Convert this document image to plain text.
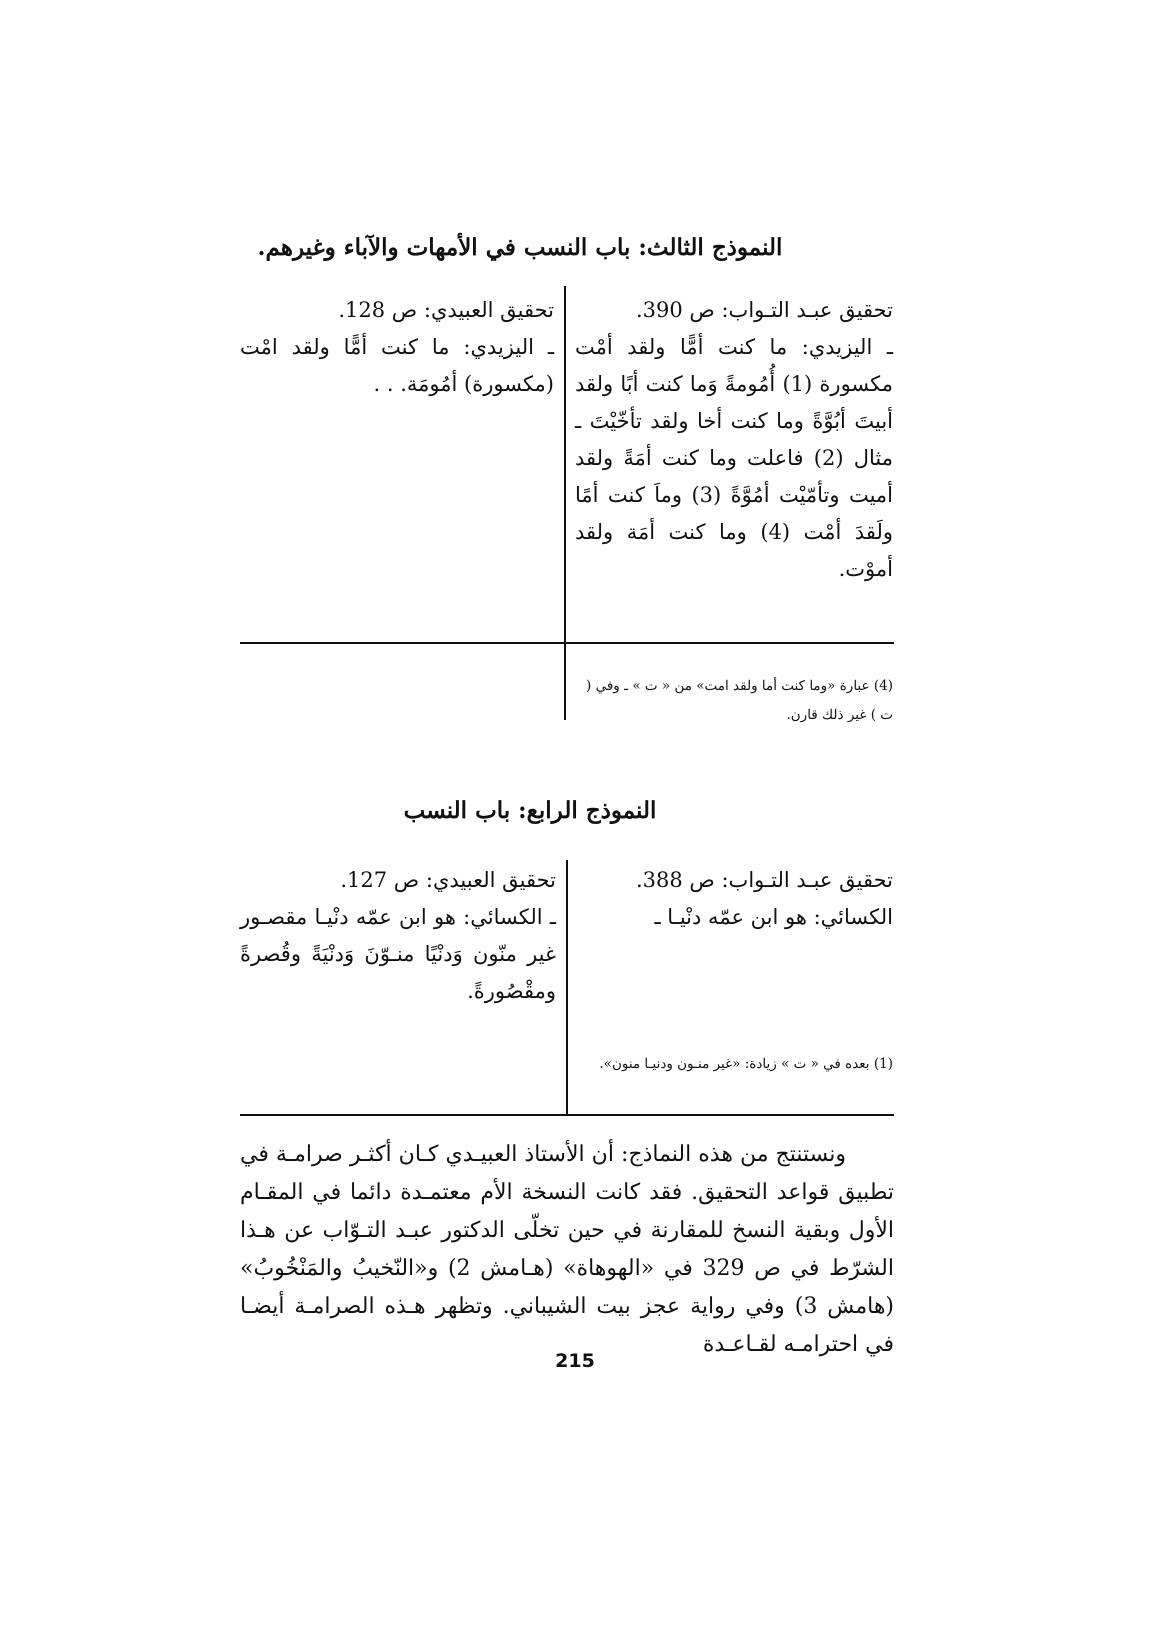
النموذج الثالث: باب النسب في الأمهات والآباء وغيرهم.

تحقيق عبـد التـواب: ص 390.

ـ اليزيدي: ما كنت أمًّا ولقد أمْت مكسورة (1) أُمُومةً وَما كنت أبًا ولقد أبيتَ أبُوَّةً وما كنت أخا ولقد تأخّيْتَ ـ مثال (2) فاعلت وما كنت أمَةً ولقد أميت وتأمّيْت أمُوَّةً (3) وماَ كنت أمًا ولَقدَ أمْت (4) وما كنت أمَة ولقد أموْت.

(4) عبارة «وما كنت أما ولقد امت» من « ت » ـ وفي ( ت ) غير ذلك قارن.

تحقيق العبيدي: ص 128.

ـ اليزيدي: ما كنت أمًّا ولقد امْت (مكسورة) أمُومَة. . .

النموذج الرابع: باب النسب

تحقيق عبـد التـواب: ص 388.

الكسائي: هو ابن عمّه دنْيـا ـ

(1) بعده في « ت » زيادة: «غير منـون ودنيـا منون».

تحقيق العبيدي: ص 127.

ـ الكسائي: هو ابن عمّه دنْيـا مقصـور غير منّون وَدنْيًا منـوّنَ وَدنْيَةً وقُصرةً ومقْصُورةً.

ونستنتج من هذه النماذج: أن الأستاذ العبيـدي كـان أكثـر صرامـة في تطبيق قواعد التحقيق. فقد كانت النسخة الأم معتمـدة دائما في المقـام الأول وبقية النسخ للمقارنة في حين تخلّى الدكتور عبـد التـوّاب عن هـذا الشرّط في ص 329 في «الهوهاة» (هـامش 2) و«النّخيبُ والمَنْخُوبُ» (هامش 3) وفي رواية عجز بيت الشيباني. وتظهر هـذه الصرامـة أيضـا في احترامـه لقـاعـدة
215
